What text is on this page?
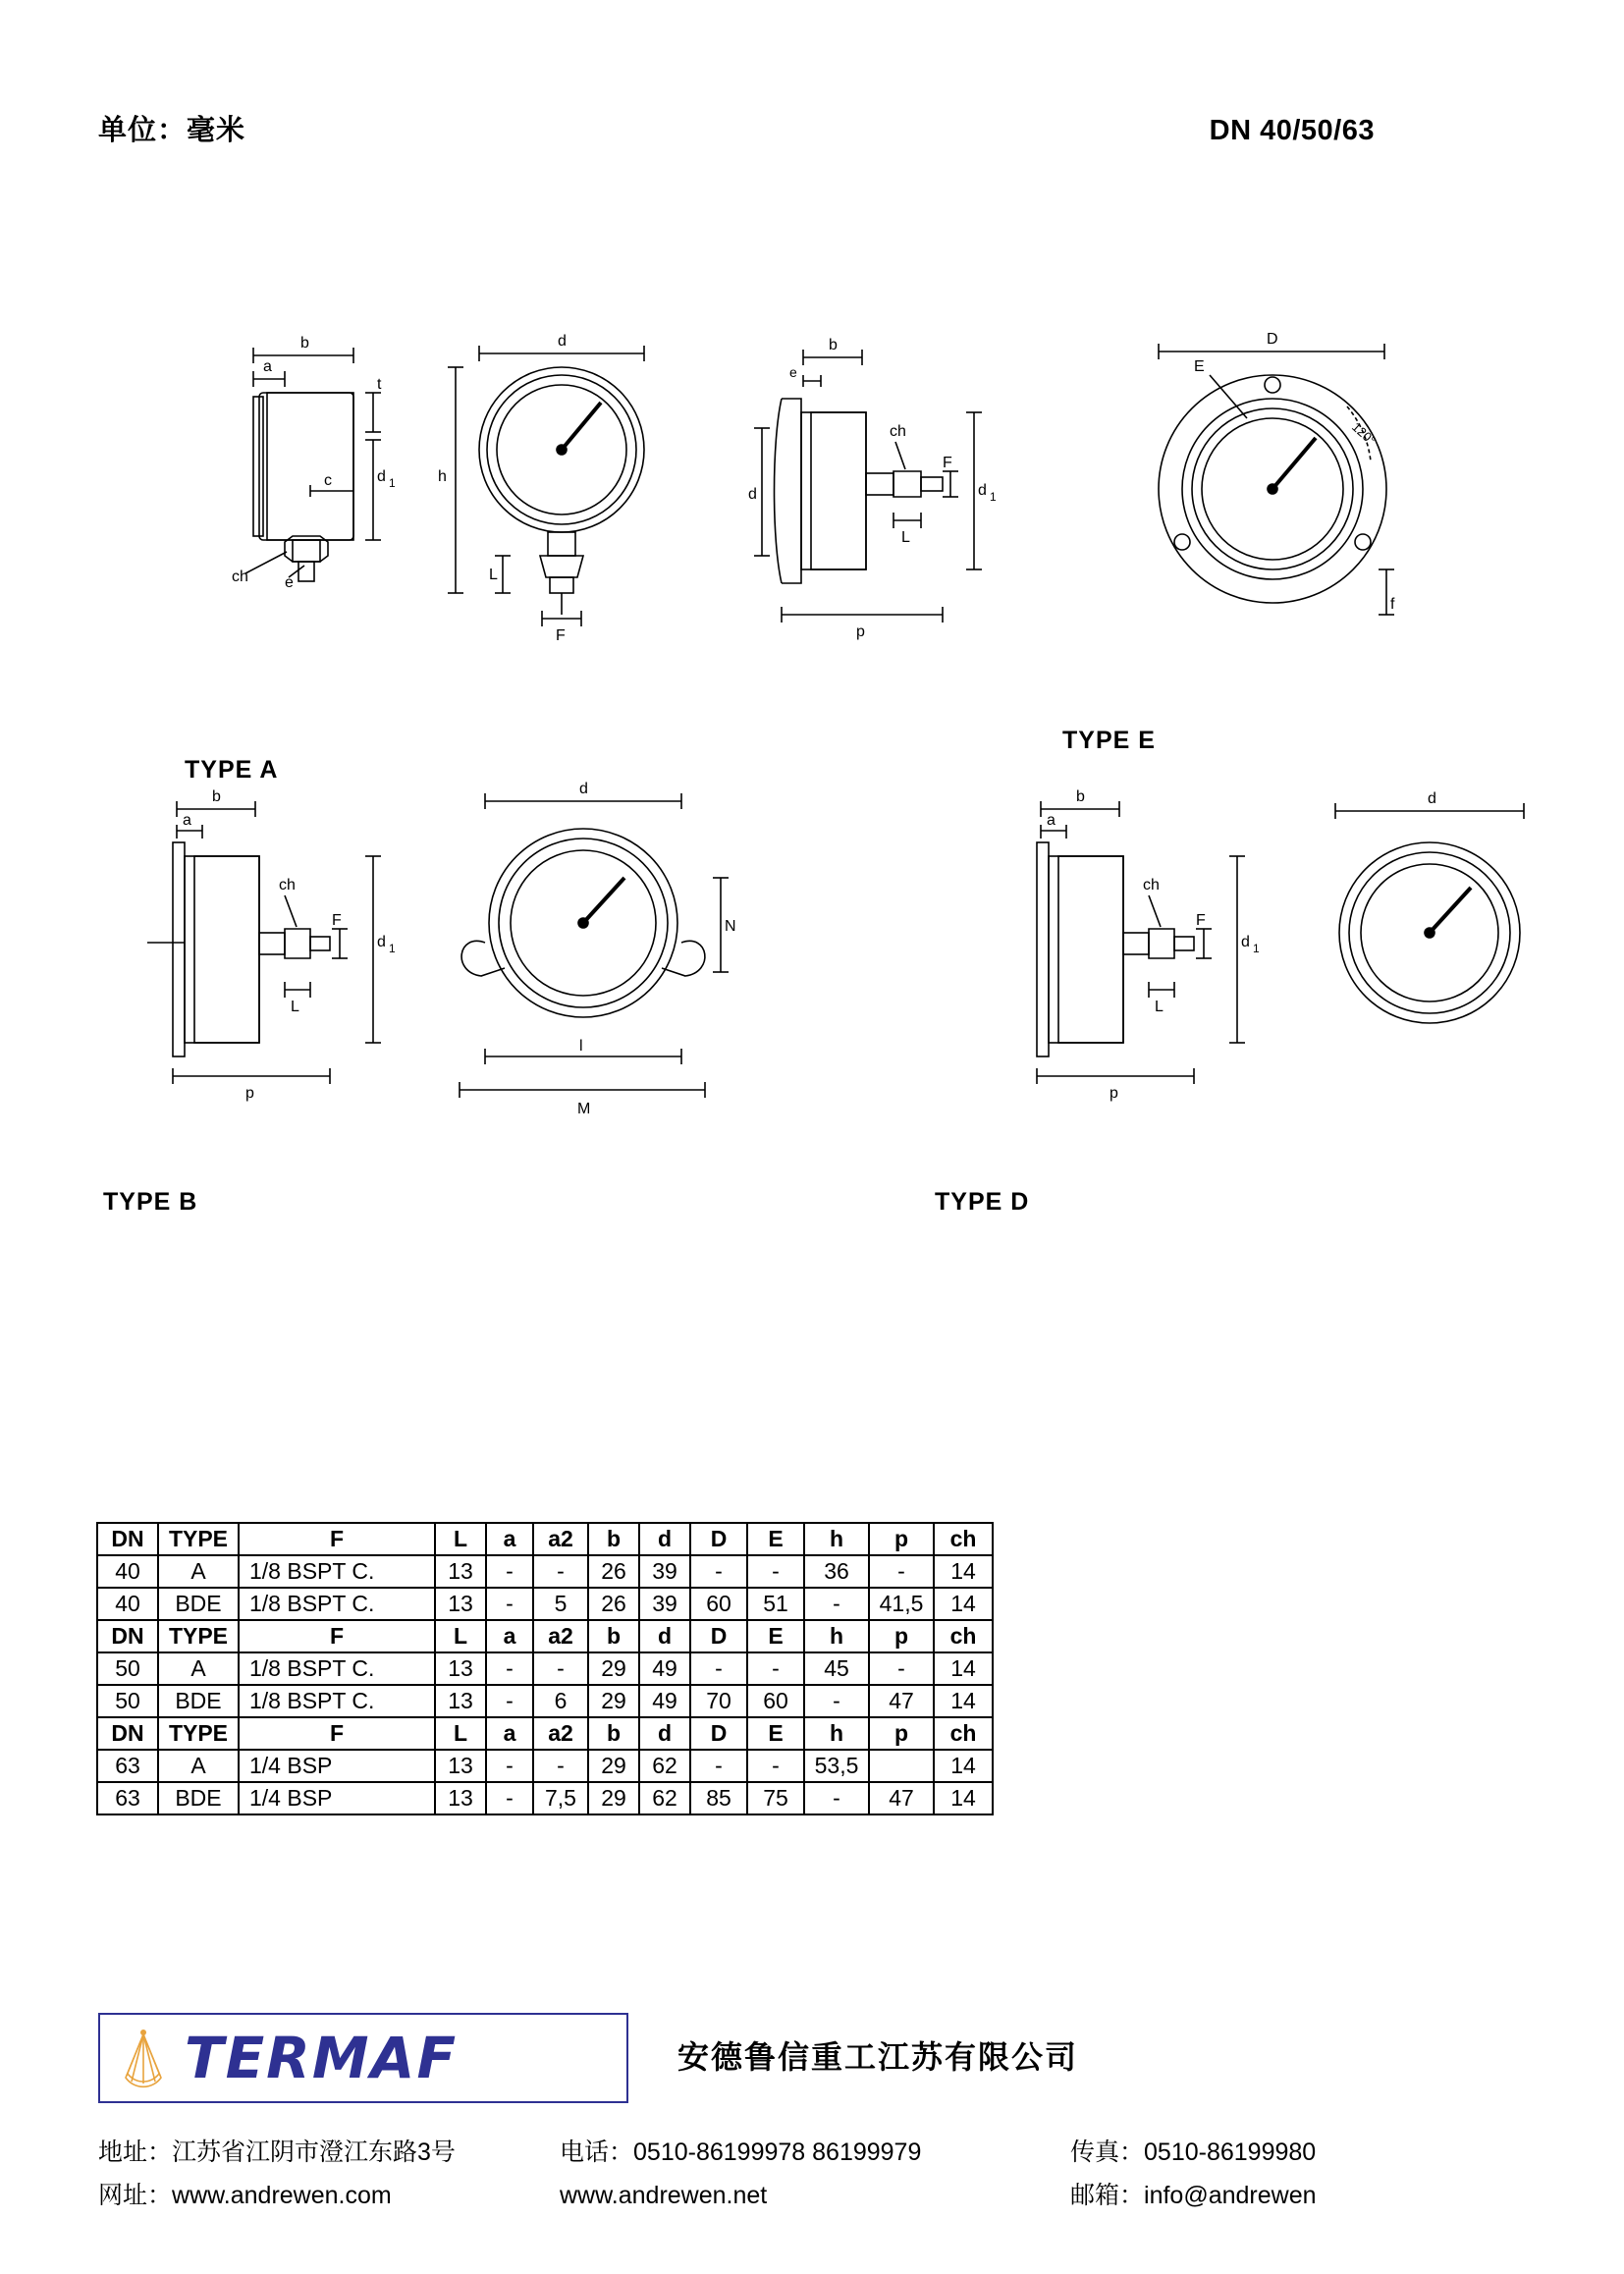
单位：毫米	DN 40/50/63
b
a
ch e
t
d 1
c
d
h
L
F
TYPE A
b
e
ch
d	d 1
F
L
p
D
E
120°
f
TYPE E
b
a
ch
F
d 1
L
p
d
N
l
M
TYPE B
b
a
ch
F
d 1
L
p
d
TYPE D
DN	TYPE	F	L	a	a2	b	d	D	E	h	p	ch
40	A	1/8 BSPT C.	13	-	-	26	39	-	-	36	-	14
40	BDE	1/8 BSPT C.	13	-	5	26	39	60	51	-	41,5	14
DN	TYPE	F	L	a	a2	b	d	D	E	h	p	ch
50	A	1/8 BSPT C.	13	-	-	29	49	-	-	45	-	14
50	BDE	1/8 BSPT C.	13	-	6	29	49	70	60	-	47	14
DN	TYPE	F	L	a	a2	b	d	D	E	h	p	ch
63	A	1/4 BSP	13	-	-	29	62	-	-	53,5		14
63	BDE	1/4 BSP	13	-	7,5	29	62	85	75	-	47	14
TERMAF	安德鲁信重工江苏有限公司
地址：江苏省江阴市澄江东路3号	电话：0510-86199978 86199979	传真：0510-86199980
网址：www.andrewen.com	www.andrewen.net	邮箱：info@andrewen
